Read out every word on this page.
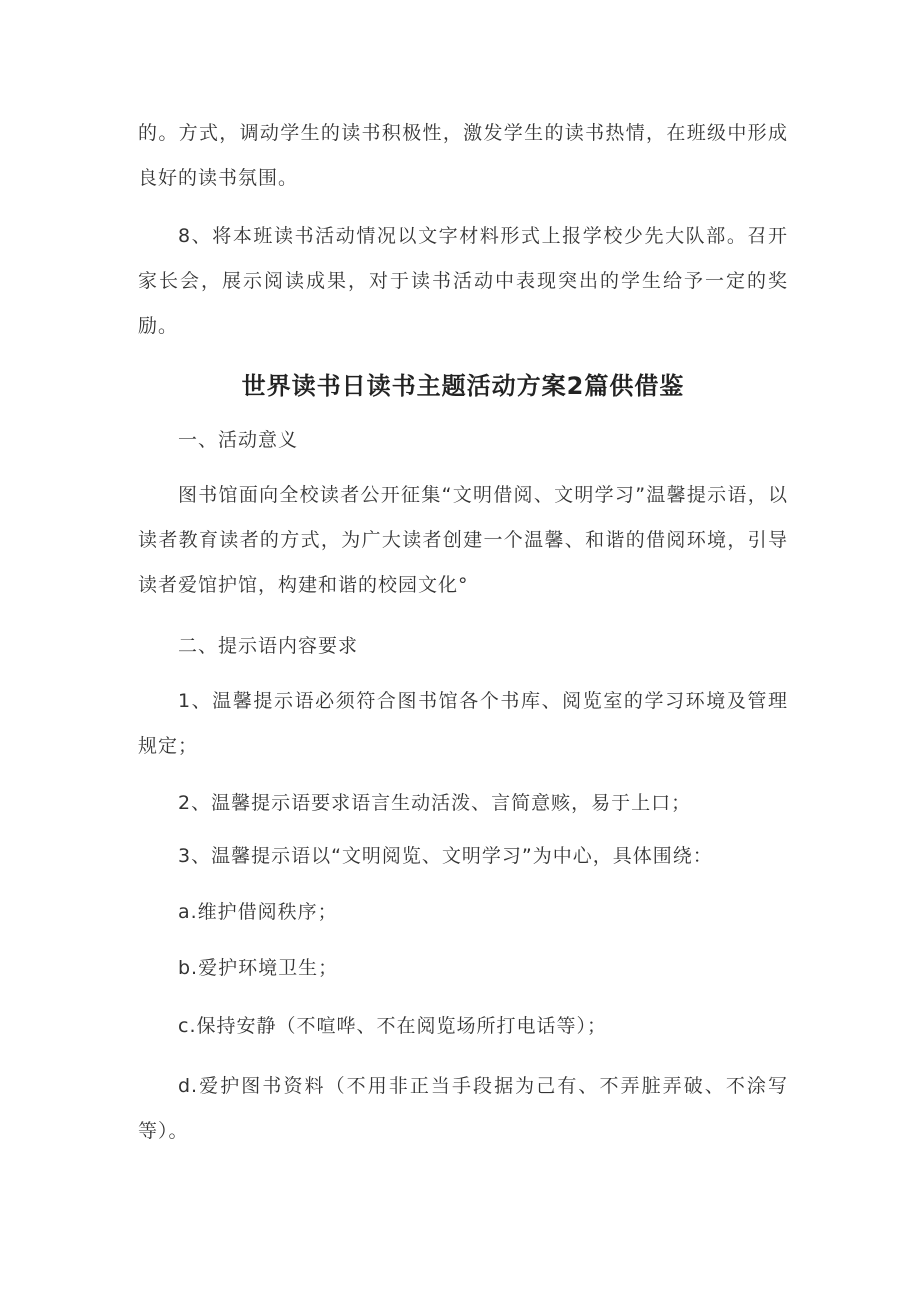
的。方式，调动学生的读书积极性，激发学生的读书热情，在班级中形成良好的读书氛围。

8、将本班读书活动情况以文字材料形式上报学校少先大队部。召开家长会，展示阅读成果，对于读书活动中表现突出的学生给予一定的奖励。

世界读书日读书主题活动方案2篇供借鉴

一、活动意义

图书馆面向全校读者公开征集“文明借阅、文明学习”温馨提示语，以读者教育读者的方式，为广大读者创建一个温馨、和谐的借阅环境，引导读者爱馆护馆，构建和谐的校园文化°

二、提示语内容要求

1、温馨提示语必须符合图书馆各个书库、阅览室的学习环境及管理规定；

2、温馨提示语要求语言生动活泼、言简意赅，易于上口；

3、温馨提示语以“文明阅览、文明学习”为中心，具体围绕：

a.维护借阅秩序；

b.爱护环境卫生；

c.保持安静（不喧哗、不在阅览场所打电话等）；

d.爱护图书资料（不用非正当手段据为己有、不弄脏弄破、不涂写等）。
